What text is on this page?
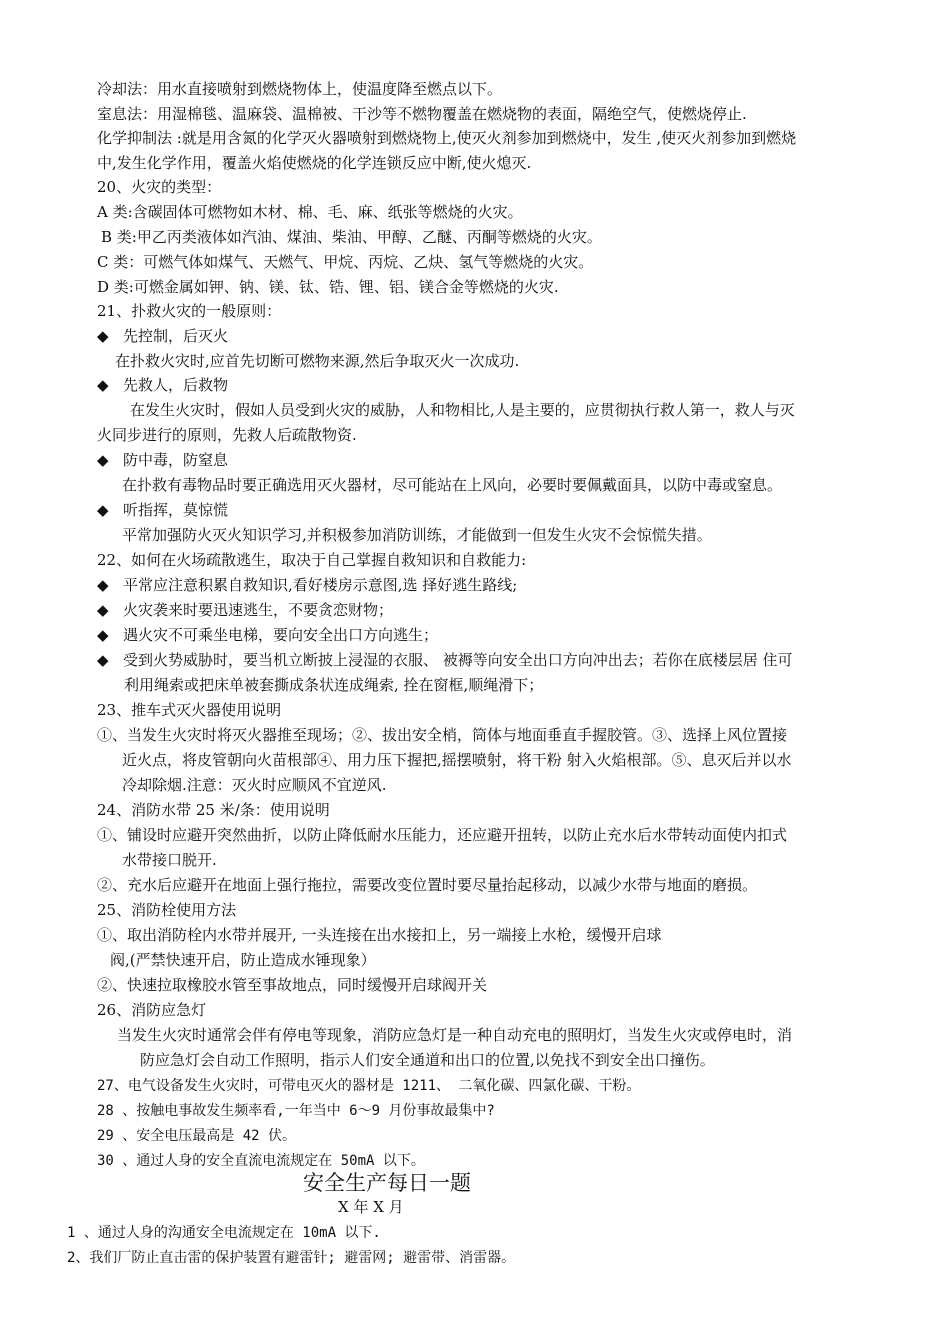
冷却法：用水直接喷射到燃烧物体上，使温度降至燃点以下。
室息法：用湿棉毯、温麻袋、温棉被、干沙等不燃物覆盖在燃烧物的表面，隔绝空气，使燃烧停止.
化学抑制法 :就是用含氮的化学灭火器喷射到燃烧物上,使灭火剂参加到燃烧中，发生 ,使灭火剂参加到燃烧
中,发生化学作用，覆盖火焰使燃烧的化学连锁反应中断,使火熄灭.
20、火灾的类型：
A 类:含碳固体可燃物如木材、棉、毛、麻、纸张等燃烧的火灾。
B 类:甲乙丙类液体如汽油、煤油、柴油、甲醇、乙醚、丙酮等燃烧的火灾。
C 类：可燃气体如煤气、天燃气、甲烷、丙烷、乙炔、氢气等燃烧的火灾。
D 类:可燃金属如钾、钠、镁、钛、锆、锂、铝、镁合金等燃烧的火灾.
21、扑救火灾的一般原则：
◆ 先控制，后灭火
在扑救火灾时,应首先切断可燃物来源,然后争取灭火一次成功.
◆ 先救人，后救物
在发生火灾时，假如人员受到火灾的威胁，人和物相比,人是主要的，应贯彻执行救人第一，救人与灭
火同步进行的原则，先救人后疏散物资.
◆ 防中毒，防窒息
在扑救有毒物品时要正确选用灭火器材，尽可能站在上风向，必要时要佩戴面具，以防中毒或窒息。
◆ 听指挥，莫惊慌
平常加强防火灭火知识学习,并积极参加消防训练，才能做到一但发生火灾不会惊慌失措。
22、如何在火场疏散逃生，取决于自己掌握自救知识和自救能力:
◆ 平常应注意积累自救知识,看好楼房示意图,选 择好逃生路线;
◆ 火灾袭来时要迅速逃生，不要贪恋财物；
◆ 遇火灾不可乘坐电梯，要向安全出口方向逃生；
◆ 受到火势威胁时，要当机立断披上浸湿的衣服、 被褥等向安全出口方向冲出去；若你在底楼层居 住可
利用绳索或把床单被套撕成条状连成绳索, 拴在窗框,顺绳滑下；
23、推车式灭火器使用说明
①、当发生火灾时将灭火器推至现场；②、拔出安全梢，筒体与地面垂直手握胶管。③、选择上风位置接
近火点，将皮管朝向火苗根部④、用力压下握把,摇摆喷射，将干粉 射入火焰根部。⑤、息灭后并以水
冷却除烟.注意：灭火时应顺风不宜逆风.
24、消防水带 25 米/条：使用说明
①、铺设时应避开突然曲折，以防止降低耐水压能力，还应避开扭转，以防止充水后水带转动面使内扣式
水带接口脱开.
②、充水后应避开在地面上强行拖拉，需要改变位置时要尽量抬起移动，以减少水带与地面的磨损。
25、消防栓使用方法
①、取出消防栓内水带并展开, 一头连接在出水接扣上，另一端接上水枪，缓慢开启球
阀,(严禁快速开启，防止造成水锤现象）
②、快速拉取橡胶水管至事故地点，同时缓慢开启球阀开关
26、消防应急灯
当发生火灾时通常会伴有停电等现象，消防应急灯是一种自动充电的照明灯，当发生火灾或停电时，消
防应急灯会自动工作照明，指示人们安全通道和出口的位置,以免找不到安全出口撞伤。
27、电气设备发生火灾时，可带电灭火的器材是 1211、 二氧化碳、四氯化碳、干粉。
28 、按触电事故发生频率看,一年当中 6～9 月份事故最集中?
29 、安全电压最高是 42 伏。
30 、通过人身的安全直流电流规定在 50mA 以下。
安全生产每日一题
X 年 X 月
1 、通过人身的沟通安全电流规定在 10mA 以下.
2、我们厂防止直击雷的保护装置有避雷针; 避雷网; 避雷带、消雷器。
